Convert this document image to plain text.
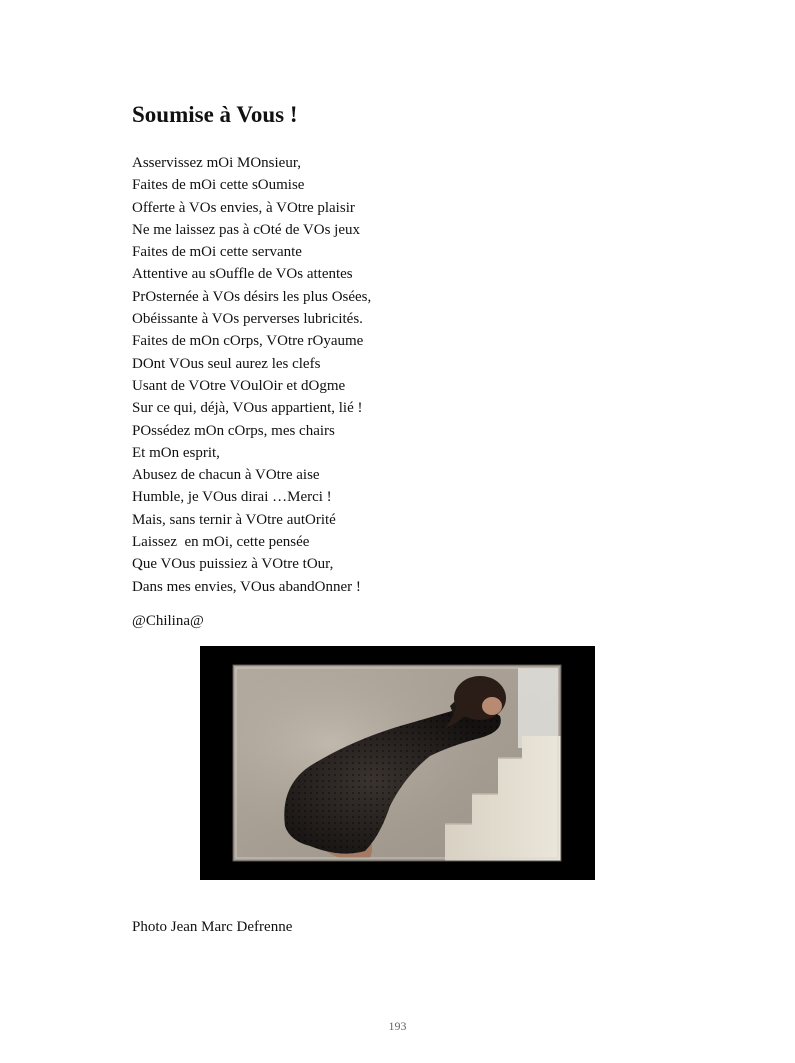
Soumise à Vous !
Asservissez mOi MOnsieur,
Faites de mOi cette sOumise
Offerte à VOs envies, à VOtre plaisir
Ne me laissez pas à cOté de VOs jeux
Faites de mOi cette servante
Attentive au sOuffle de VOs attentes
PrOsternée à VOs désirs les plus Osées,
Obéissante à VOs perverses lubricités.
Faites de mOn cOrps, VOtre rOyaume
DOnt VOus seul aurez les clefs
Usant de VOtre VOulOir et dOgme
Sur ce qui, déjà, VOus appartient, lié !
POssédez mOn cOrps, mes chairs
Et mOn esprit,
Abusez de chacun à VOtre aise
Humble, je VOus dirai …Merci !
Mais, sans ternir à VOtre autOrité
Laissez  en mOi, cette pensée
Que VOus puissiez à VOtre tOur,
Dans mes envies, VOus abandOnner !
@Chilina@
Photo Jean Marc Defrenne
193
